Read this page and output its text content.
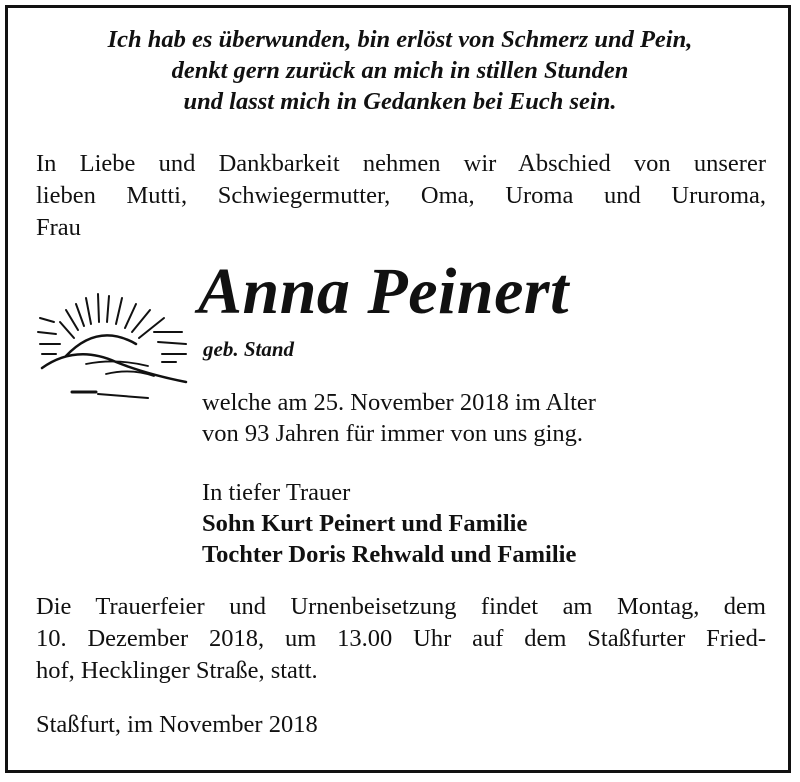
Ich hab es überwunden, bin erlöst von Schmerz und Pein,
denkt gern zurück an mich in stillen Stunden
und lasst mich in Gedanken bei Euch sein.
In Liebe und Dankbarkeit nehmen wir Abschied von unserer
lieben Mutti, Schwiegermutter, Oma, Uroma und Ururoma,
Frau
Anna Peinert
geb. Stand
welche am 25. November 2018 im Alter
von 93 Jahren für immer von uns ging.
In tiefer Trauer
Sohn Kurt Peinert und Familie
Tochter Doris Rehwald und Familie
Die Trauerfeier und Urnenbeisetzung findet am Montag, dem
10. Dezember 2018, um 13.00 Uhr auf dem Staßfurter Fried-
hof, Hecklinger Straße, statt.
Staßfurt, im November 2018
